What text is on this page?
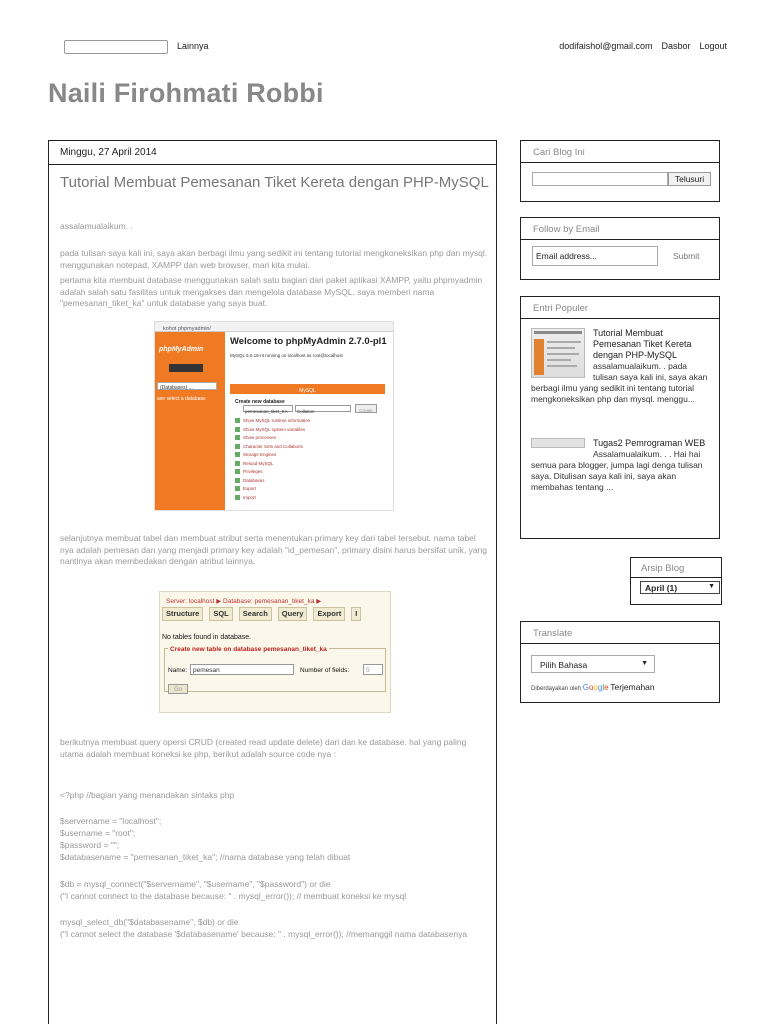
Lainnya	dodifaishol@gmail.com Dasbor Logout
Naili Firohmati Robbi
Minggu, 27 April 2014
Tutorial Membuat Pemesanan Tiket Kereta dengan PHP-MySQL
assalamualaikum. .
pada tulisan saya kali ini, saya akan berbagi ilmu yang sedikit ini tentang tutorial mengkoneksikan php dan mysql. menggunakan notepad, XAMPP dan web browser, mari kita mulai.
pertama kita membuat database menggunakan salah satu bagian dari paket aplikasi XAMPP, yaitu phpmyadmin adalah salah satu fasilitas untuk mengakses dan mengelola database MySQL. saya memberi nama "pemesanan_tiket_ka" untuk database yang saya buat.
kohot phpmyadmin/
phpMyAdmin
(Databases) ...
ase select a database
Welcome to phpMyAdmin 2.7.0-pl1
MySQL 5.0.18-nt running on localhost as root@localhost
MySQL
Create new database
pemesanan_tiket_KA	Collation	Create
Show MySQL runtime information
Show MySQL system variables
Show processes
Character Sets and Collations
Storage Engines
Reload MySQL
Privileges
Databases
Export
Import
selanjutnya membuat tabel dan membuat atribut serta menentukan primary key dari tabel tersebut. nama tabel nya adalah pemesan dan yang menjadi primary key adalah "id_pemesan", primary disini harus bersifat unik, yang nantinya akan membedakan dengan atribut lainnya.
Server: localhost ▶ Database: pemesanan_tiket_ka ▶
Structure	SQL	Search	Query	Export	I
No tables found in database.
Create new table on database pemesanan_tiket_ka
Name: pemesan	Number of fields:	5
Go
berikutnya membuat query opersi CRUD (created read update delete) dari dan ke database. hal yang paling utama adalah membuat koneksi ke php, berikut adalah source code nya :
<?php //bagian yang menandakan sintaks php
$servername = "localhost";
$username = "root";
$password = "";
$databasename = "pemesanan_tiket_ka"; //nama database yang telah dibuat
$db = mysql_connect("$servername", "$username", "$password") or die
("I cannot connect to the database because: " . mysql_error()); // membuat koneksi ke mysql
mysql_select_db("$databasename", $db) or die
("I cannot select the database '$databasename' because: " . mysql_error()); //memanggil nama databasenya
Cari Blog Ini
Telusuri
Follow by Email
Email address...	Submit
Entri Populer
Tutorial Membuat Pemesanan Tiket Kereta dengan PHP-MySQL
assalamualaikum. . pada tulisan saya kali ini, saya akan berbagi ilmu yang sedikit ini tentang tutorial mengkoneksikan php dan mysql. menggu...
Tugas2 Pemrograman WEB
Assalamualaikum. . . Hai hai semua para blogger, jumpa lagi denga tulisan saya. Ditulisan saya kali ini, saya akan membahas tentang ...
Arsip Blog
April (1)	▼
Translate
Pilih Bahasa	▼
Diberdayakan oleh Google Terjemahan
